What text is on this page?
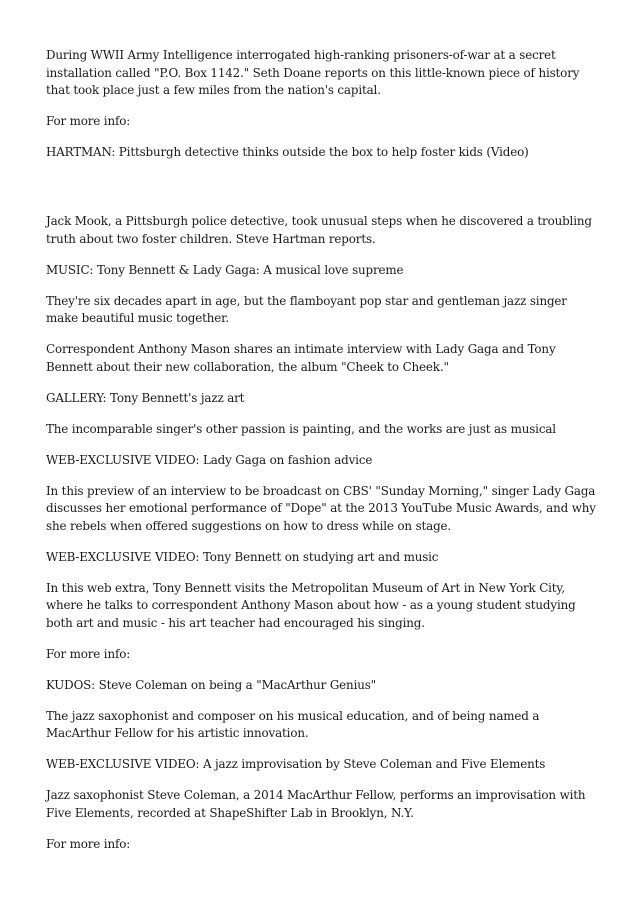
During WWII Army Intelligence interrogated high-ranking prisoners-of-war at a secret installation called "P.O. Box 1142." Seth Doane reports on this little-known piece of history that took place just a few miles from the nation's capital.

For more info:

HARTMAN: Pittsburgh detective thinks outside the box to help foster kids (Video)

Jack Mook, a Pittsburgh police detective, took unusual steps when he discovered a troubling truth about two foster children. Steve Hartman reports.

MUSIC: Tony Bennett & Lady Gaga: A musical love supreme

They're six decades apart in age, but the flamboyant pop star and gentleman jazz singer make beautiful music together.

Correspondent Anthony Mason shares an intimate interview with Lady Gaga and Tony Bennett about their new collaboration, the album "Cheek to Cheek."

GALLERY: Tony Bennett's jazz art

The incomparable singer's other passion is painting, and the works are just as musical

WEB-EXCLUSIVE VIDEO: Lady Gaga on fashion advice

In this preview of an interview to be broadcast on CBS' "Sunday Morning," singer Lady Gaga discusses her emotional performance of "Dope" at the 2013 YouTube Music Awards, and why she rebels when offered suggestions on how to dress while on stage.

WEB-EXCLUSIVE VIDEO: Tony Bennett on studying art and music

In this web extra, Tony Bennett visits the Metropolitan Museum of Art in New York City, where he talks to correspondent Anthony Mason about how - as a young student studying both art and music - his art teacher had encouraged his singing.

For more info:

KUDOS: Steve Coleman on being a "MacArthur Genius"

The jazz saxophonist and composer on his musical education, and of being named a MacArthur Fellow for his artistic innovation.

WEB-EXCLUSIVE VIDEO: A jazz improvisation by Steve Coleman and Five Elements

Jazz saxophonist Steve Coleman, a 2014 MacArthur Fellow, performs an improvisation with Five Elements, recorded at ShapeShifter Lab in Brooklyn, N.Y.

For more info:
